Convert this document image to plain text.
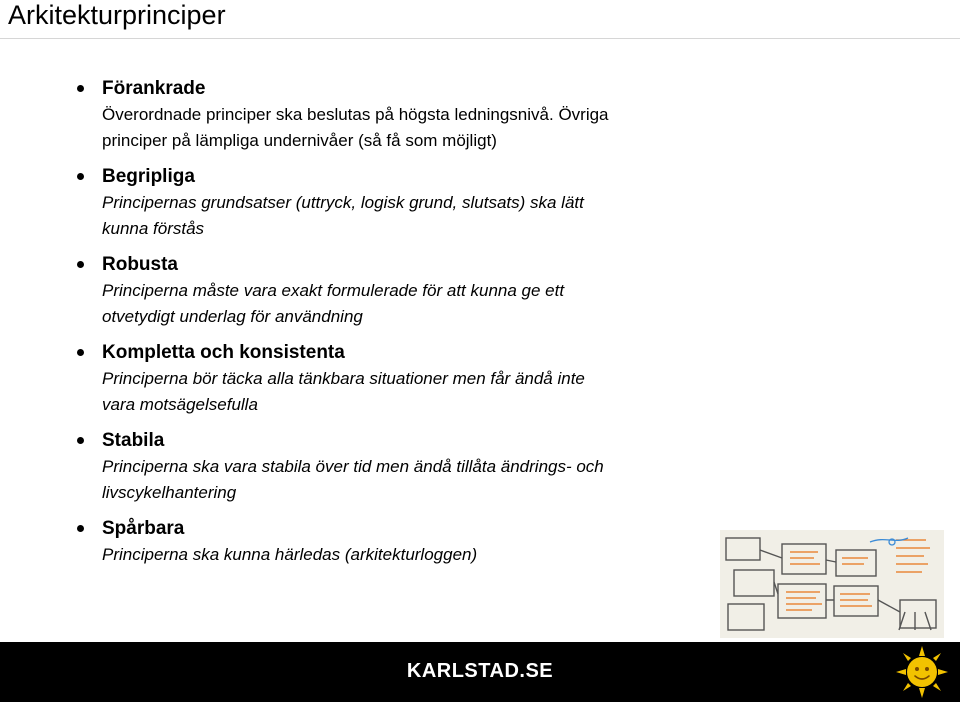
Arkitekturprinciper
Förankrade
Överordnade principer ska beslutas på högsta ledningsnivå. Övriga
principer på lämpliga undernivåer (så få som möjligt)
Begripliga
Principernas grundsatser (uttryck, logisk grund, slutsats) ska lätt
kunna förstås
Robusta
Principerna måste vara exakt formulerade för att kunna ge ett
otvetydigt underlag för användning
Kompletta och konsistenta
Principerna bör täcka alla tänkbara situationer men får ändå inte
vara motsägelsefulla
Stabila
Principerna ska vara stabila över tid men ändå tillåta ändrings- och
livscykelhantering
Spårbara
Principerna ska kunna härledas (arkitekturloggen)
KARLSTAD.SE
